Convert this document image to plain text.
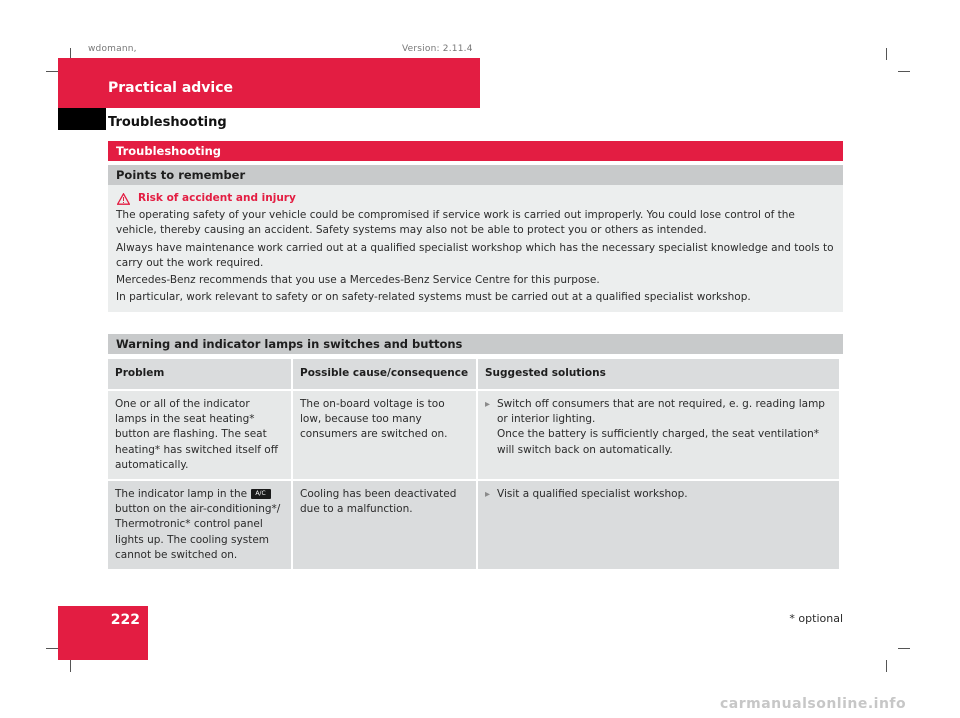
wdomann,	Version: 2.11.4
Practical advice
Troubleshooting
Troubleshooting
Points to remember

Risk of accident and injury

The operating safety of your vehicle could be compromised if service work is carried out improperly. You could lose control of the vehicle, thereby causing an accident. Safety systems may also not be able to protect you or others as intended.

Always have maintenance work carried out at a qualified specialist workshop which has the necessary specialist knowledge and tools to carry out the work required.

Mercedes-Benz recommends that you use a Mercedes-Benz Service Centre for this purpose.

In particular, work relevant to safety or on safety-related systems must be carried out at a qualified specialist workshop.

Warning and indicator lamps in switches and buttons
Problem	Possible cause/consequence	Suggested solutions
One or all of the indicator lamps in the seat heating* button are flashing. The seat heating* has switched itself off automatically.	The on-board voltage is too low, because too many consumers are switched on.	▸ Switch off consumers that are not required, e. g. reading lamp or interior lighting.
Once the battery is sufficiently charged, the seat ventilation* will switch back on automatically.

The indicator lamp in the A/C button on the air-conditioning*/ Thermotronic* control panel lights up. The cooling system cannot be switched on.	Cooling has been deactivated due to a malfunction.	▸ Visit a qualified specialist workshop.
222	* optional
carmanualsonline.info
